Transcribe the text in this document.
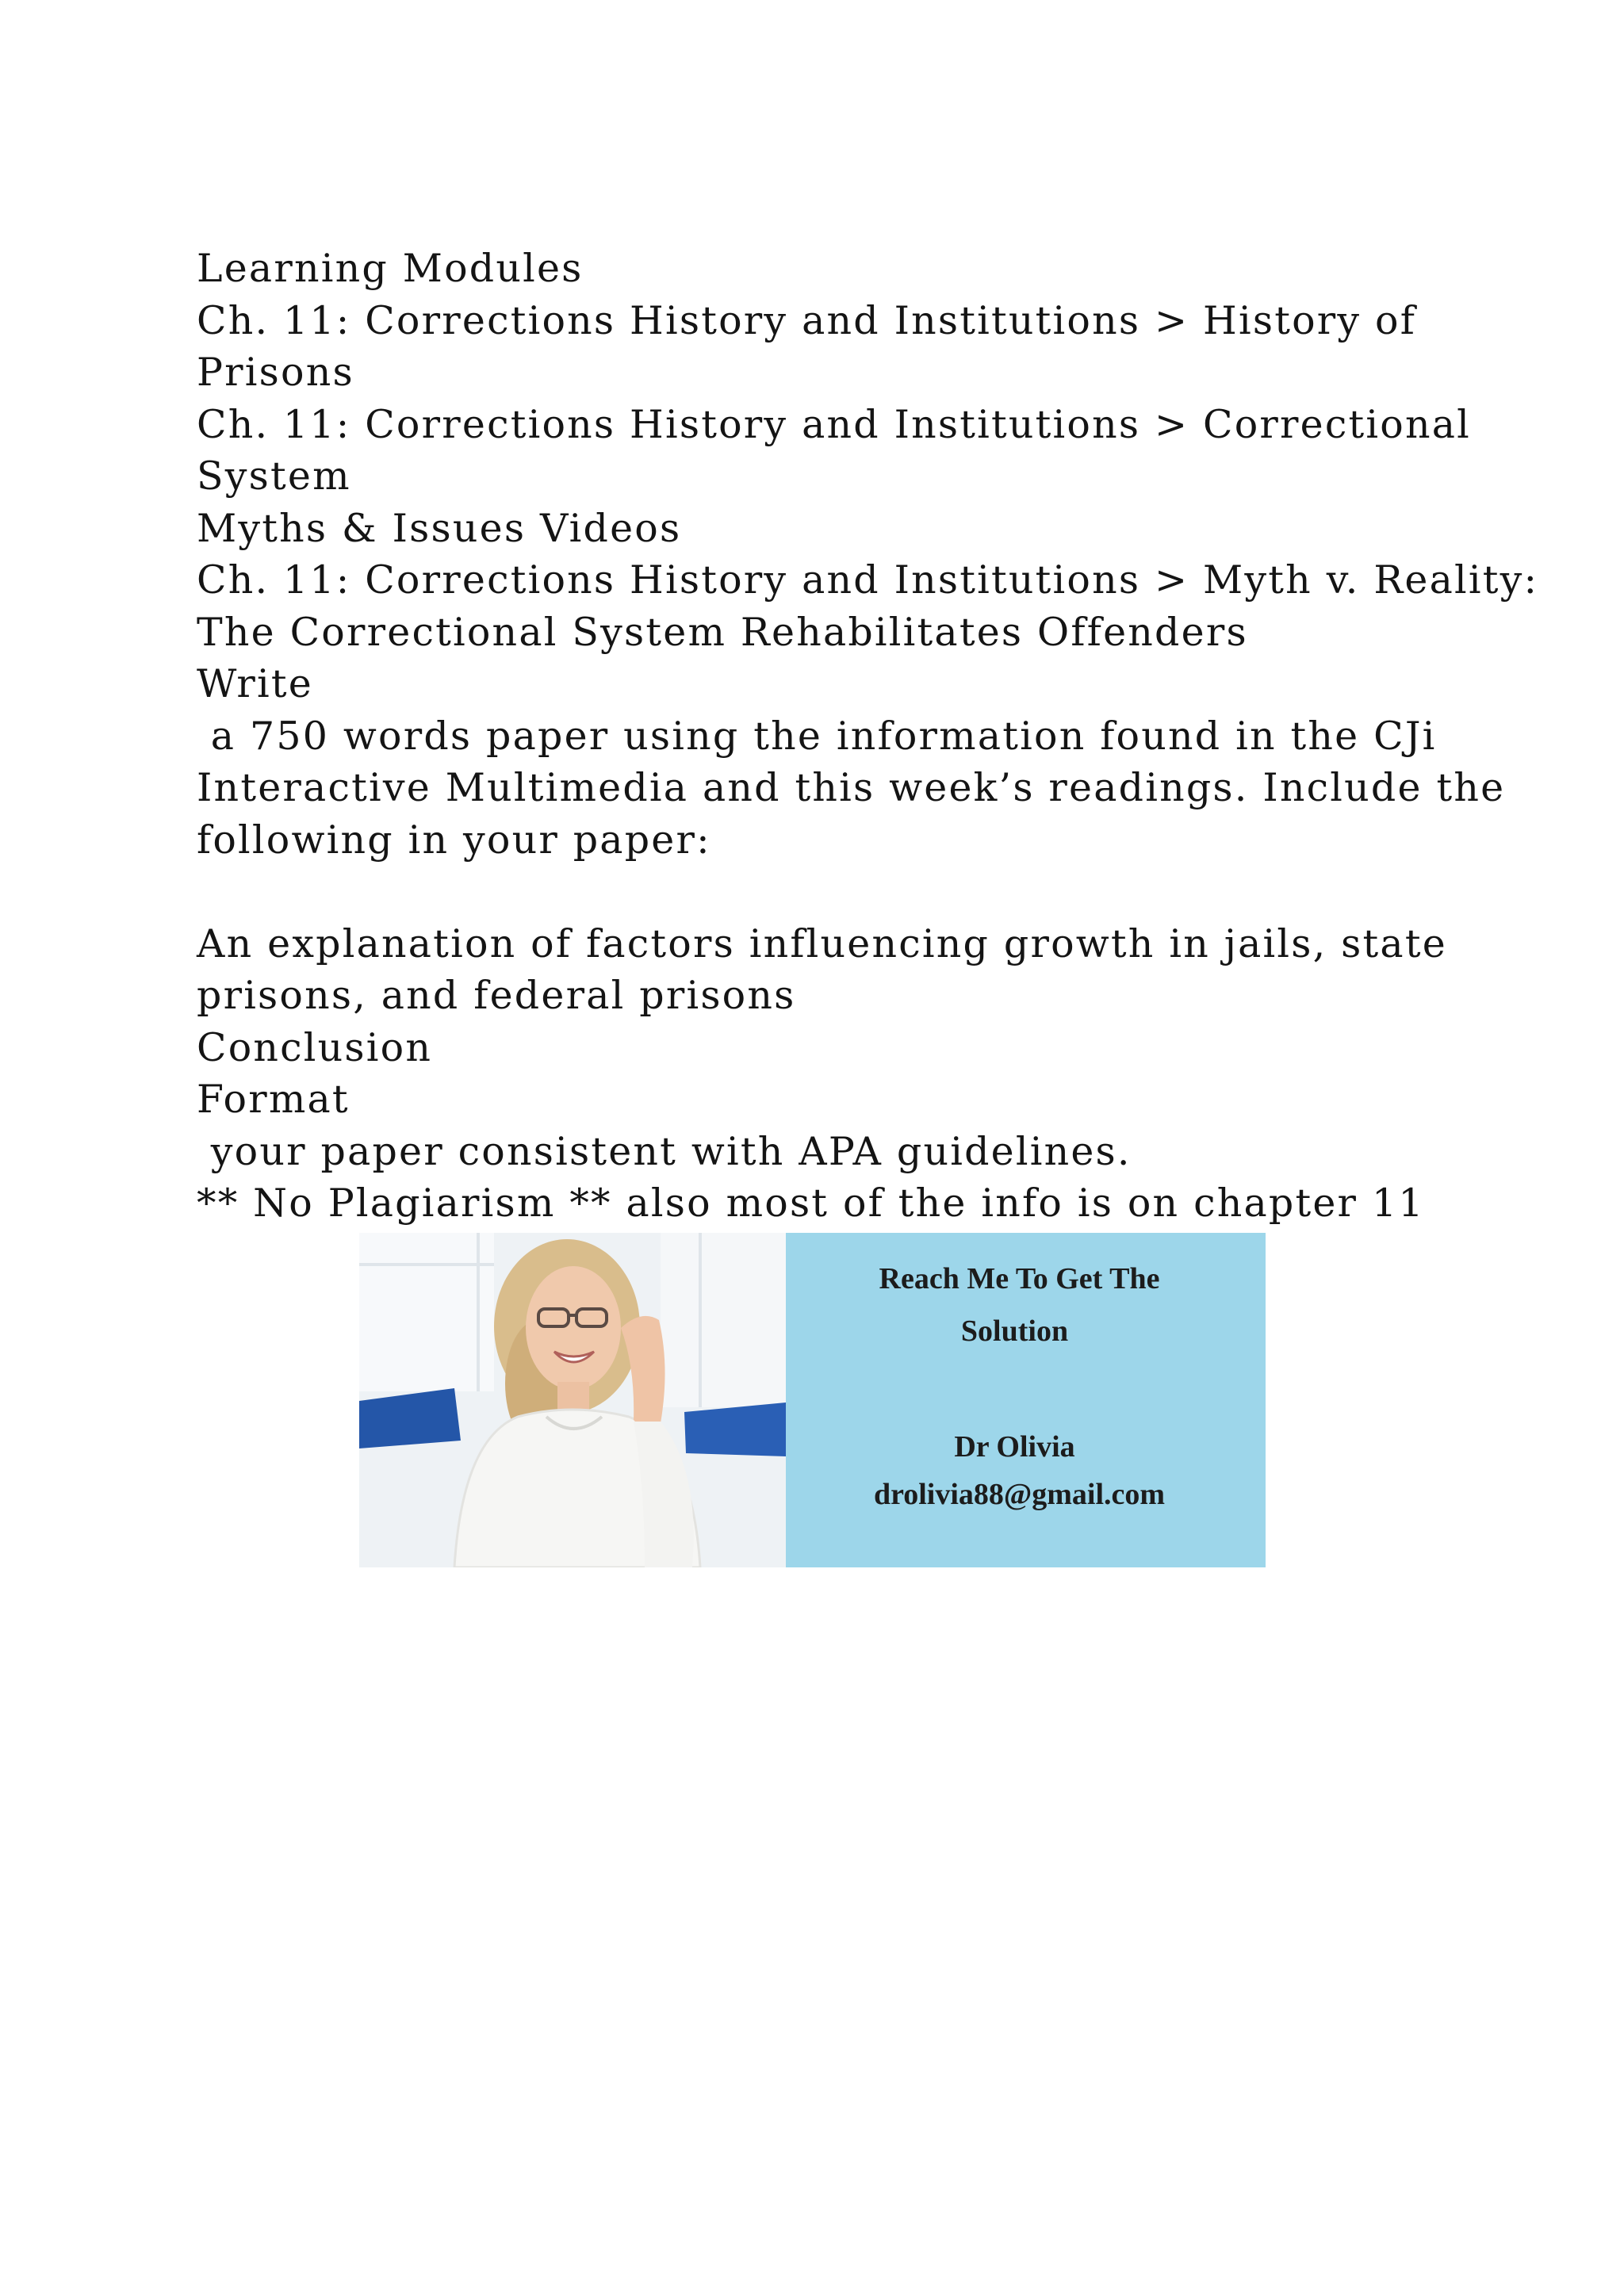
Learning Modules
Ch. 11: Corrections History and Institutions > History of
Prisons
Ch. 11: Corrections History and Institutions > Correctional
System
Myths & Issues Videos
Ch. 11: Corrections History and Institutions > Myth v. Reality:
The Correctional System Rehabilitates Offenders
Write
a 750 words paper using the information found in the CJi
Interactive Multimedia and this week’s readings. Include the
following in your paper:
An explanation of factors influencing growth in jails, state
prisons, and federal prisons
Conclusion
Format
your paper consistent with APA guidelines.
** No Plagiarism ** also most of the info is on chapter 11
Reach Me To Get The
Solution
Dr Olivia
drolivia88@gmail.com
